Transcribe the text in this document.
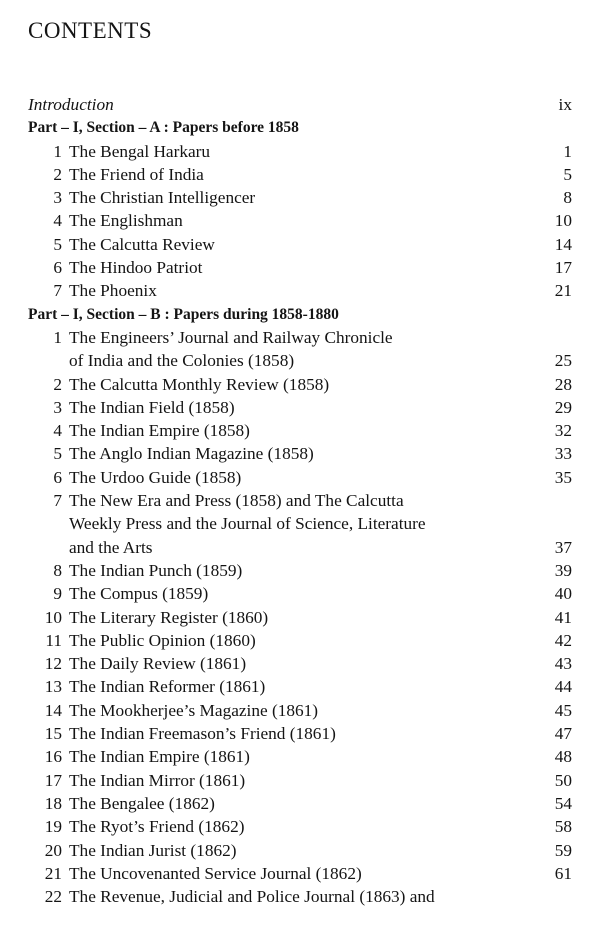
CONTENTS
Introduction	ix
Part – I, Section – A : Papers before 1858
1 The Bengal Harkaru	1
2 The Friend of India	5
3 The Christian Intelligencer	8
4 The Englishman	10
5 The Calcutta Review	14
6 The Hindoo Patriot	17
7 The Phoenix	21
Part – I, Section – B : Papers during 1858-1880
1 The Engineers’ Journal and Railway Chronicle
of India and the Colonies (1858)	25
2 The Calcutta Monthly Review (1858)	28
3 The Indian Field (1858)	29
4 The Indian Empire (1858)	32
5 The Anglo Indian Magazine (1858)	33
6 The Urdoo Guide (1858)	35
7 The New Era and Press (1858) and The Calcutta
Weekly Press and the Journal of Science, Literature
and the Arts	37
8 The Indian Punch (1859)	39
9 The Compus (1859)	40
10 The Literary Register (1860)	41
11 The Public Opinion (1860)	42
12 The Daily Review (1861)	43
13 The Indian Reformer (1861)	44
14 The Mookherjee’s Magazine (1861)	45
15 The Indian Freemason’s Friend (1861)	47
16 The Indian Empire (1861)	48
17 The Indian Mirror (1861)	50
18 The Bengalee (1862)	54
19 The Ryot’s Friend (1862)	58
20 The Indian Jurist (1862)	59
21 The Uncovenanted Service Journal (1862)	61
22 The Revenue, Judicial and Police Journal (1863) and
